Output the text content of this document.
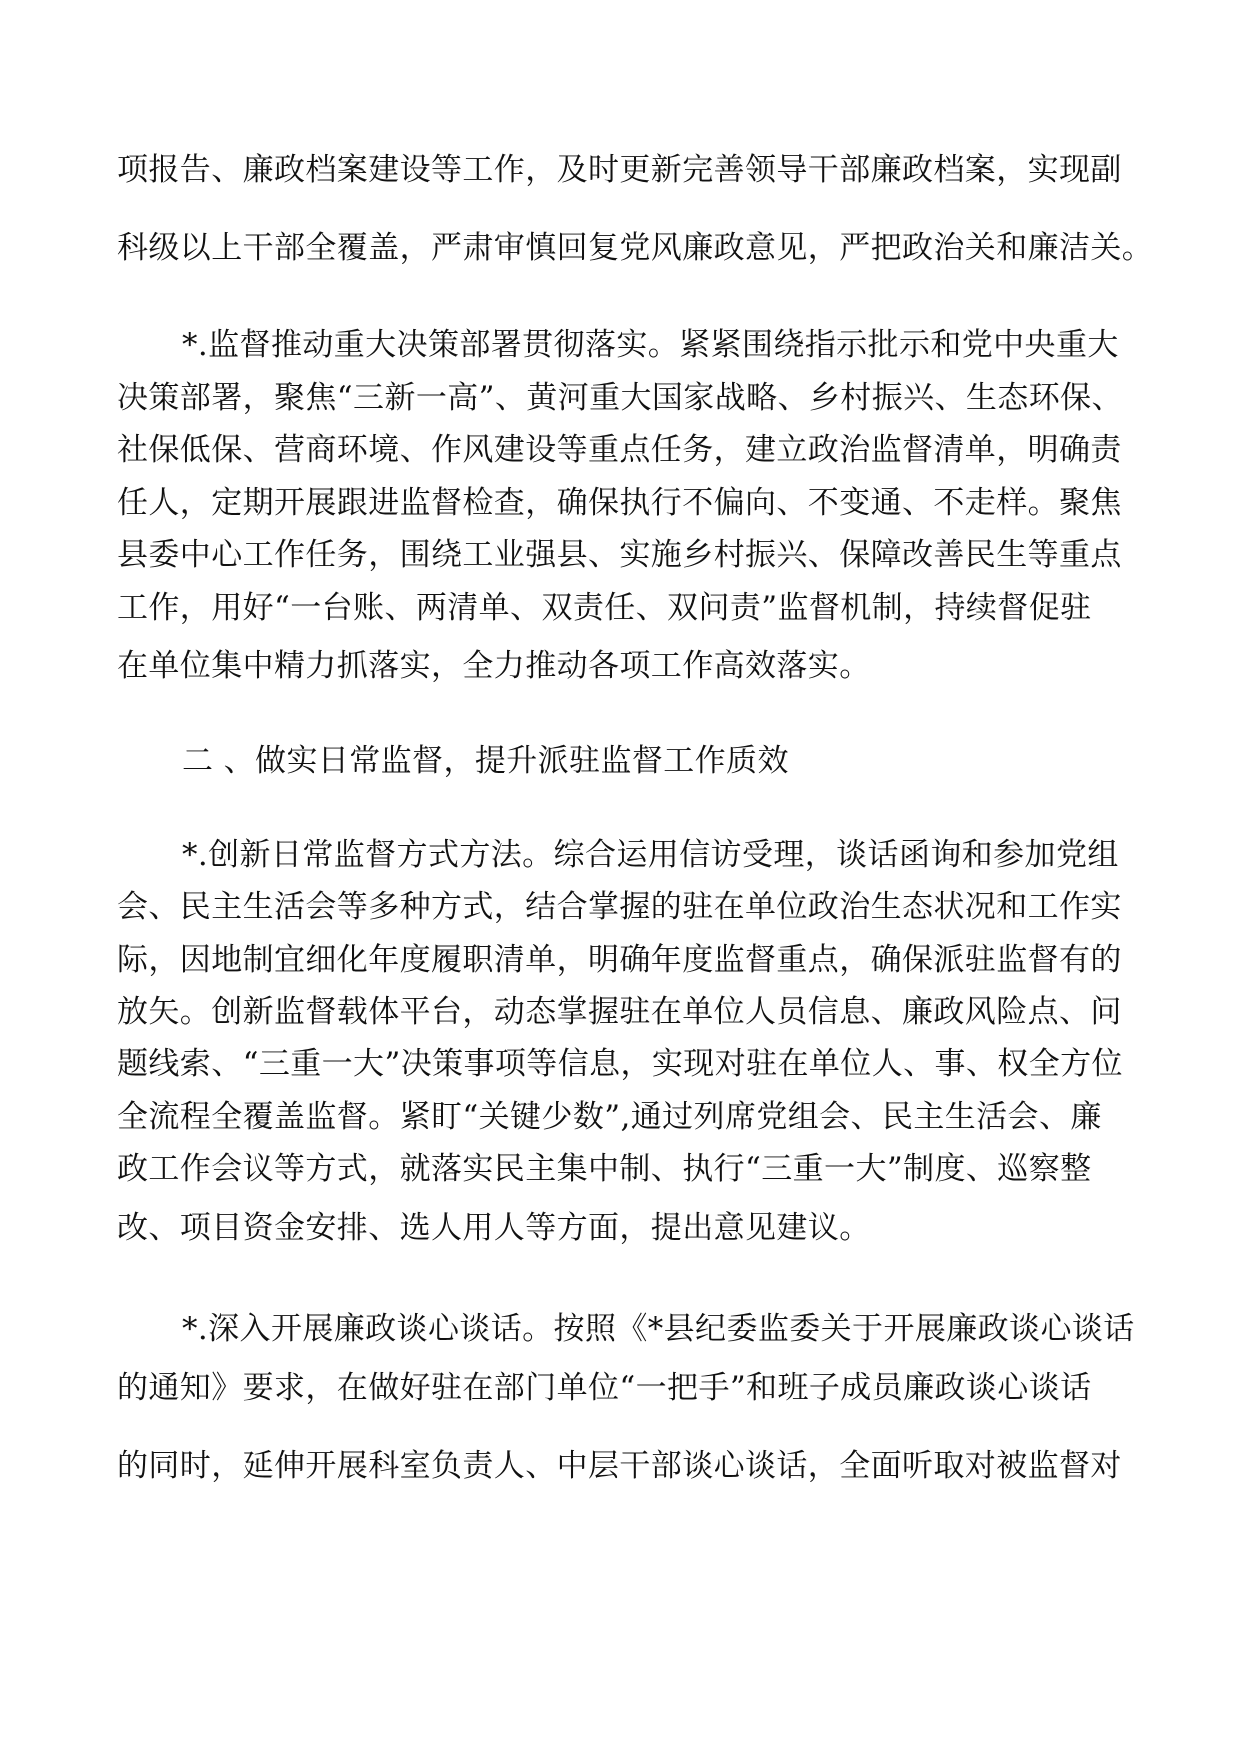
项报告、廉政档案建设等工作，及时更新完善领导干部廉政档案，实现副
科级以上干部全覆盖，严肃审慎回复党风廉政意见，严把政治关和廉洁关。
*.监督推动重大决策部署贯彻落实。紧紧围绕指示批示和党中央重大
决策部署，聚焦“三新一高”、黄河重大国家战略、乡村振兴、生态环保、
社保低保、营商环境、作风建设等重点任务，建立政治监督清单，明确责
任人，定期开展跟进监督检查，确保执行不偏向、不变通、不走样。聚焦
县委中心工作任务，围绕工业强县、实施乡村振兴、保障改善民生等重点
工作，用好“一台账、两清单、双责任、双问责”监督机制，持续督促驻
在单位集中精力抓落实，全力推动各项工作高效落实。
二 、做实日常监督，提升派驻监督工作质效
*.创新日常监督方式方法。综合运用信访受理，谈话函询和参加党组
会、民主生活会等多种方式，结合掌握的驻在单位政治生态状况和工作实
际，因地制宜细化年度履职清单，明确年度监督重点，确保派驻监督有的
放矢。创新监督载体平台，动态掌握驻在单位人员信息、廉政风险点、问
题线索、“三重一大”决策事项等信息，实现对驻在单位人、事、权全方位
全流程全覆盖监督。紧盯“关键少数”,通过列席党组会、民主生活会、廉
政工作会议等方式，就落实民主集中制、执行“三重一大”制度、巡察整
改、项目资金安排、选人用人等方面，提出意见建议。
*.深入开展廉政谈心谈话。按照《*县纪委监委关于开展廉政谈心谈话
的通知》要求，在做好驻在部门单位“一把手”和班子成员廉政谈心谈话
的同时，延伸开展科室负责人、中层干部谈心谈话，全面听取对被监督对
